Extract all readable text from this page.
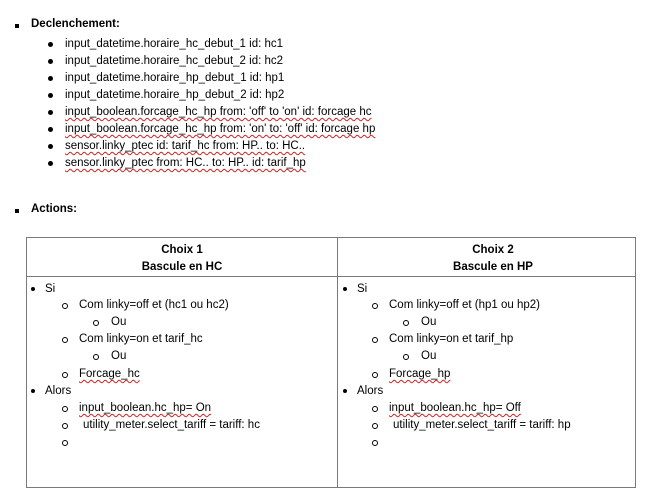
Declenchement:
input_datetime.horaire_hc_debut_1 id: hc1
input_datetime.horaire_hc_debut_2 id: hc2
input_datetime.horaire_hp_debut_1 id: hp1
input_datetime.horaire_hp_debut_2 id: hp2
input_boolean.forcage_hc_hp from: 'off' to 'on' id: forcage hc
input_boolean.forcage_hc_hp from: 'on' to: 'off' id: forcage hp
sensor.linky_ptec id: tarif_hc from: HP.. to: HC..
sensor.linky_ptec from: HC.. to: HP.. id: tarif_hp
Actions:
Choix 1
Bascule en HC
Choix 2
Bascule en HP
Si
Com linky=off et (hc1 ou hc2)
Ou
Com linky=on et tarif_hc
Ou
Forcage_hc
Alors
input_boolean.hc_hp= On
utility_meter.select_tariff = tariff: hc
Si
Com linky=off et (hp1 ou hp2)
Ou
Com linky=on et tarif_hp
Ou
Forcage_hp
Alors
input_boolean.hc_hp= Off
utility_meter.select_tariff = tariff: hp
